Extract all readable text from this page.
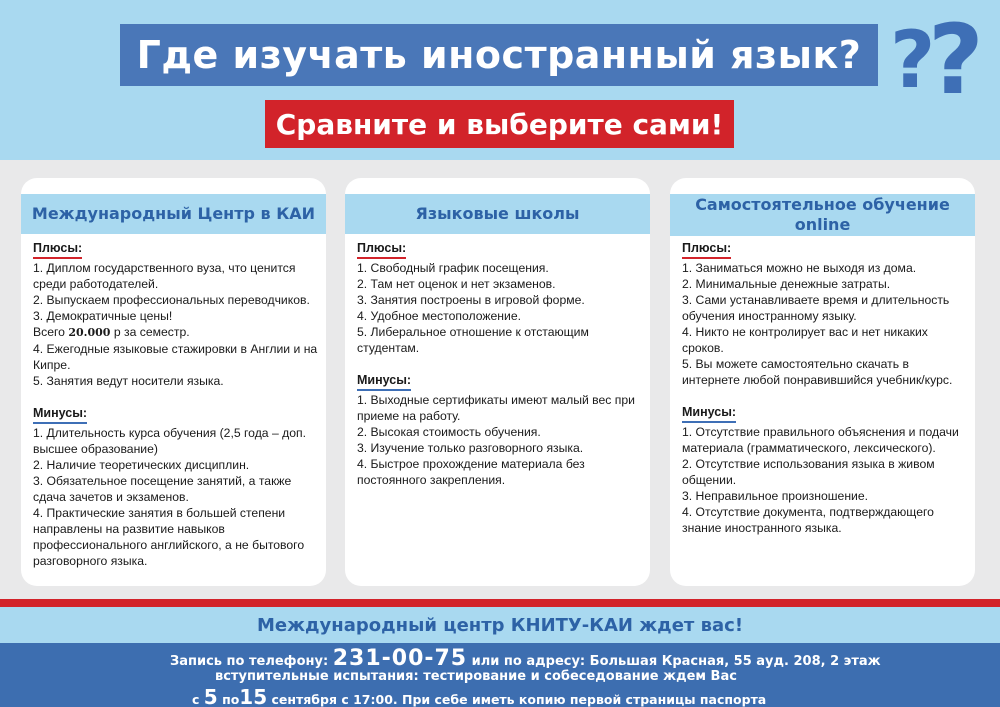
Где изучать иностранный язык? ?
?
Сравните и выберите сами!
Международный Центр в КАИ
Плюсы:
1. Диплом государственного вуза, что ценится среди работодателей.
2. Выпускаем профессиональных переводчиков.
3. Демократичные цены!
Всего 20.000 р за семестр.
4. Ежегодные языковые стажировки в Англии и на Кипре.
5. Занятия ведут носители языка.
Минусы:
1. Длительность курса обучения (2,5 года – доп. высшее образование)
2. Наличие теоретических дисциплин.
3. Обязательное посещение занятий, а также сдача зачетов и экзаменов.
4. Практические занятия в большей степени направлены на развитие навыков профессионального английского, а не бытового разговорного языка.
Языковые школы
Плюсы:
1. Свободный график посещения.
2. Там нет оценок и нет экзаменов.
3. Занятия построены в игровой форме.
4. Удобное местоположение.
5. Либеральное отношение к отстающим студентам.
Минусы:
1. Выходные сертификаты имеют малый вес при приеме на работу.
2. Высокая стоимость обучения.
3. Изучение только разговорного языка.
4. Быстрое прохождение материала без постоянного закрепления.
Самостоятельное обучение online
Плюсы:
1. Заниматься можно не выходя из дома.
2. Минимальные денежные затраты.
3. Сами устанавливаете время и длительность обучения иностранному языку.
4. Никто не контролирует вас и нет никаких сроков.
5. Вы можете самостоятельно скачать в интернете любой понравившийся учебник/курс.
Минусы:
1. Отсутствие правильного объяснения и подачи материала (грамматического, лексического).
2. Отсутствие использования языка в живом общении.
3. Неправильное произношение.
4. Отсутствие документа, подтверждающего знание иностранного языка.
Международный центр КНИТУ-КАИ ждет вас!
Запись по телефону: 231-00-75 или по адресу: Большая Красная, 55 ауд. 208, 2 этаж
вступительные испытания: тестирование и собеседование ждем Вас
с 5 по15 сентября с 17:00. При себе иметь копию первой страницы паспорта
